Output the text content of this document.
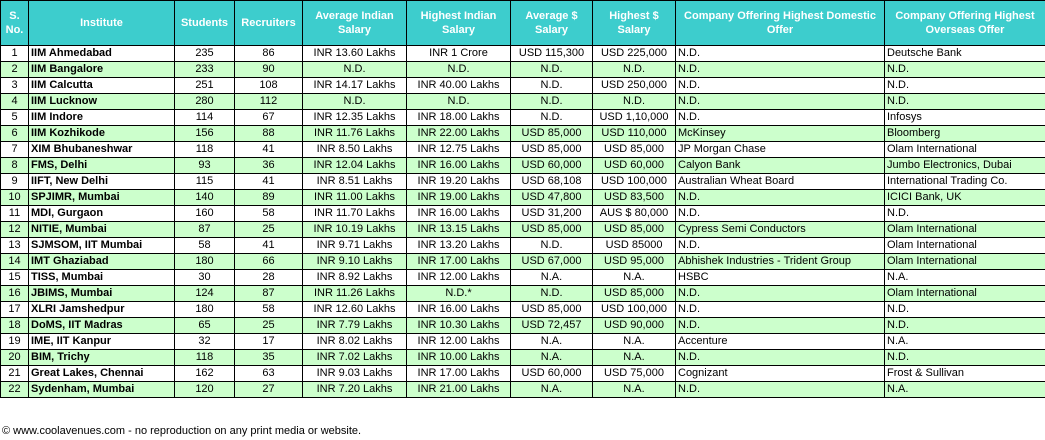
S. No.	Institute	Students	Recruiters	Average Indian Salary	Highest Indian Salary	Average $ Salary	Highest $ Salary	Company Offering Highest Domestic Offer	Company Offering Highest Overseas Offer
1	IIM Ahmedabad	235	86	INR 13.60 Lakhs	INR 1 Crore	USD 115,300	USD 225,000	N.D.	Deutsche Bank
2	IIM Bangalore	233	90	N.D.	N.D.	N.D.	N.D.	N.D.	N.D.
3	IIM Calcutta	251	108	INR 14.17 Lakhs	INR 40.00 Lakhs	N.D.	USD 250,000	N.D.	N.D.
4	IIM Lucknow	280	112	N.D.	N.D.	N.D.	N.D.	N.D.	N.D.
5	IIM Indore	114	67	INR 12.35 Lakhs	INR 18.00 Lakhs	N.D.	USD 1,10,000	N.D.	Infosys
6	IIM Kozhikode	156	88	INR 11.76 Lakhs	INR 22.00 Lakhs	USD 85,000	USD 110,000	McKinsey	Bloomberg
7	XIM Bhubaneshwar	118	41	INR 8.50 Lakhs	INR 12.75 Lakhs	USD 85,000	USD 85,000	JP Morgan Chase	Olam International
8	FMS, Delhi	93	36	INR 12.04 Lakhs	INR 16.00 Lakhs	USD 60,000	USD 60,000	Calyon Bank	Jumbo Electronics, Dubai
9	IIFT, New Delhi	115	41	INR 8.51 Lakhs	INR 19.20 Lakhs	USD 68,108	USD 100,000	Australian Wheat Board	International Trading Co.
10	SPJIMR, Mumbai	140	89	INR 11.00 Lakhs	INR 19.00 Lakhs	USD 47,800	USD 83,500	N.D.	ICICI Bank, UK
11	MDI, Gurgaon	160	58	INR 11.70 Lakhs	INR 16.00 Lakhs	USD 31,200	AUS $ 80,000	N.D.	N.D.
12	NITIE, Mumbai	87	25	INR 10.19 Lakhs	INR 13.15 Lakhs	USD 85,000	USD 85,000	Cypress Semi Conductors	Olam International
13	SJMSOM, IIT Mumbai	58	41	INR 9.71 Lakhs	INR 13.20 Lakhs	N.D.	USD 85000	N.D.	Olam International
14	IMT Ghaziabad	180	66	INR 9.10 Lakhs	INR 17.00 Lakhs	USD 67,000	USD 95,000	Abhishek Industries - Trident Group	Olam International
15	TISS, Mumbai	30	28	INR 8.92 Lakhs	INR 12.00 Lakhs	N.A.	N.A.	HSBC	N.A.
16	JBIMS, Mumbai	124	87	INR 11.26 Lakhs	N.D.*	N.D.	USD 85,000	N.D.	Olam International
17	XLRI Jamshedpur	180	58	INR 12.60 Lakhs	INR 16.00 Lakhs	USD 85,000	USD 100,000	N.D.	N.D.
18	DoMS, IIT Madras	65	25	INR 7.79 Lakhs	INR 10.30 Lakhs	USD 72,457	USD 90,000	N.D.	N.D.
19	IME, IIT Kanpur	32	17	INR 8.02 Lakhs	INR 12.00 Lakhs	N.A.	N.A.	Accenture	N.A.
20	BIM, Trichy	118	35	INR 7.02 Lakhs	INR 10.00 Lakhs	N.A.	N.A.	N.D.	N.D.
21	Great Lakes, Chennai	162	63	INR 9.03 Lakhs	INR 17.00 Lakhs	USD 60,000	USD 75,000	Cognizant	Frost & Sullivan
22	Sydenham, Mumbai	120	27	INR 7.20 Lakhs	INR 21.00 Lakhs	N.A.	N.A.	N.D.	N.A.
© www.coolavenues.com - no reproduction on any print media or website.
